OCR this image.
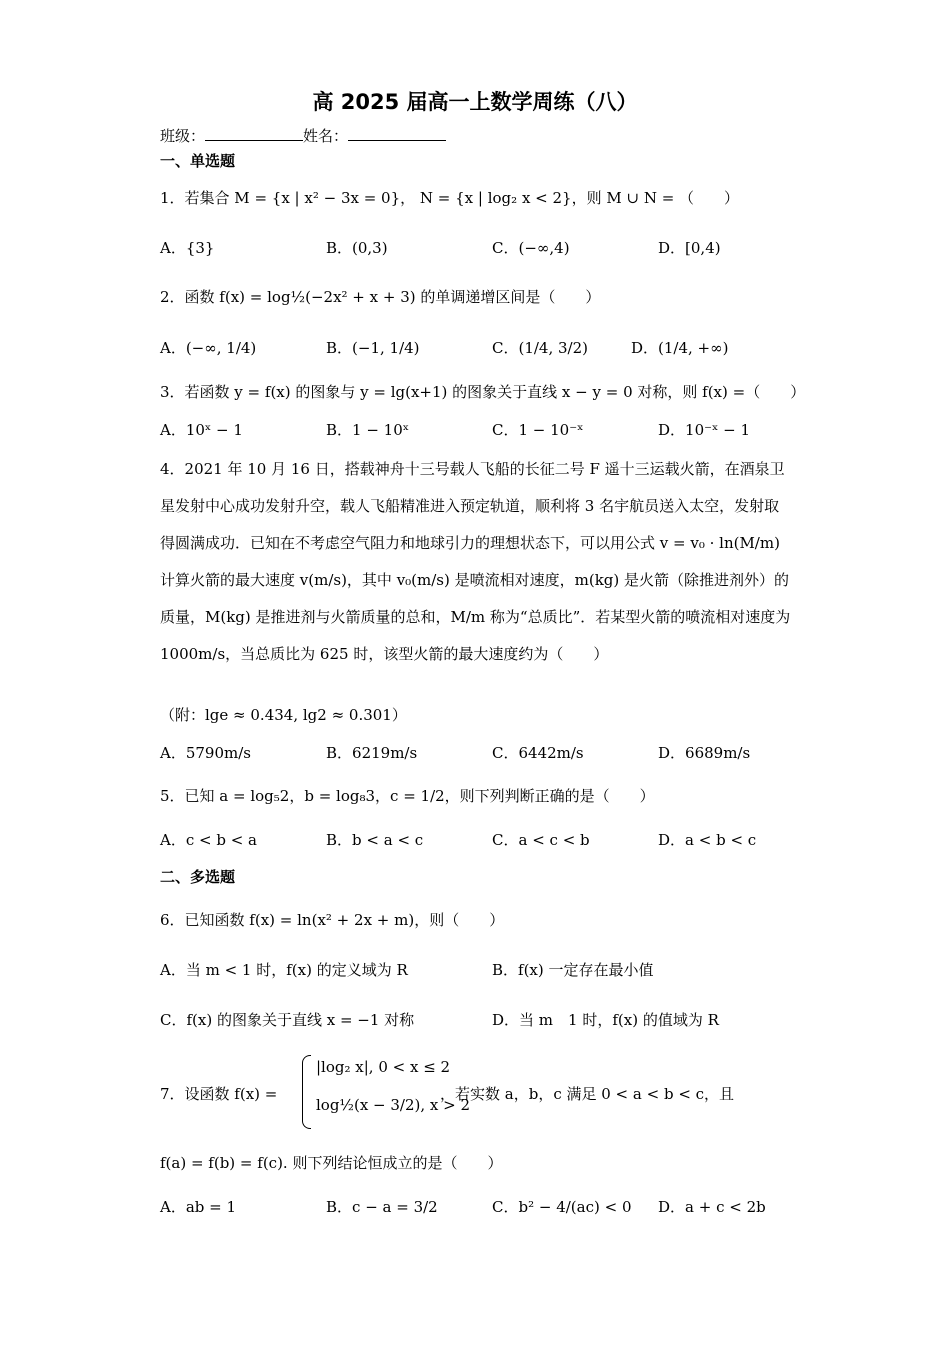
高 2025 届高一上数学周练（八）
班级：	姓名：
一、单选题
1．若集合 M = {x | x² − 3x = 0}， N = {x | log₂ x < 2}，则 M ∪ N = （　　）
A．{3}	B．(0,3)	C．(−∞,4)	D．[0,4)
2．函数 f(x) = log½(−2x² + x + 3) 的单调递增区间是（　　）
A．(−∞, 1/4)	B．(−1, 1/4)	C．(1/4, 3/2)	D．(1/4, +∞)
3．若函数 y = f(x) 的图象与 y = lg(x+1) 的图象关于直线 x − y = 0 对称，则 f(x) =（　　）
A．10ˣ − 1	B．1 − 10ˣ	C．1 − 10⁻ˣ	D．10⁻ˣ − 1
4．2021 年 10 月 16 日，搭载神舟十三号载人飞船的长征二号 F 遥十三运载火箭，在酒泉卫星发射中心成功发射升空，载人飞船精准进入预定轨道，顺利将 3 名宇航员送入太空，发射取得圆满成功．已知在不考虑空气阻力和地球引力的理想状态下，可以用公式 v = v₀ · ln(M/m) 计算火箭的最大速度 v(m/s)，其中 v₀(m/s) 是喷流相对速度，m(kg) 是火箭（除推进剂外）的质量，M(kg) 是推进剂与火箭质量的总和，M/m 称为“总质比”．若某型火箭的喷流相对速度为 1000m/s，当总质比为 625 时，该型火箭的最大速度约为（　　）
（附：lge ≈ 0.434, lg2 ≈ 0.301）
A．5790m/s	B．6219m/s	C．6442m/s	D．6689m/s
5．已知 a = log₅2，b = log₈3，c = 1/2，则下列判断正确的是（　　）
A．c < b < a	B．b < a < c	C．a < c < b	D．a < b < c
二、多选题
6．已知函数 f(x) = ln(x² + 2x + m)，则（　　）
A．当 m < 1 时，f(x) 的定义域为 R	B．f(x) 一定存在最小值
C．f(x) 的图象关于直线 x = −1 对称	D．当 m　1 时，f(x) 的值域为 R
7．设函数 f(x) =
|log₂ x|, 0 < x ≤ 2
log½(x − 3/2), x > 2
，若实数 a，b，c 满足 0 < a < b < c，且
f(a) = f(b) = f(c). 则下列结论恒成立的是（　　）
A．ab = 1	B．c − a = 3/2	C．b² − 4/(ac) < 0 D．a + c < 2b
